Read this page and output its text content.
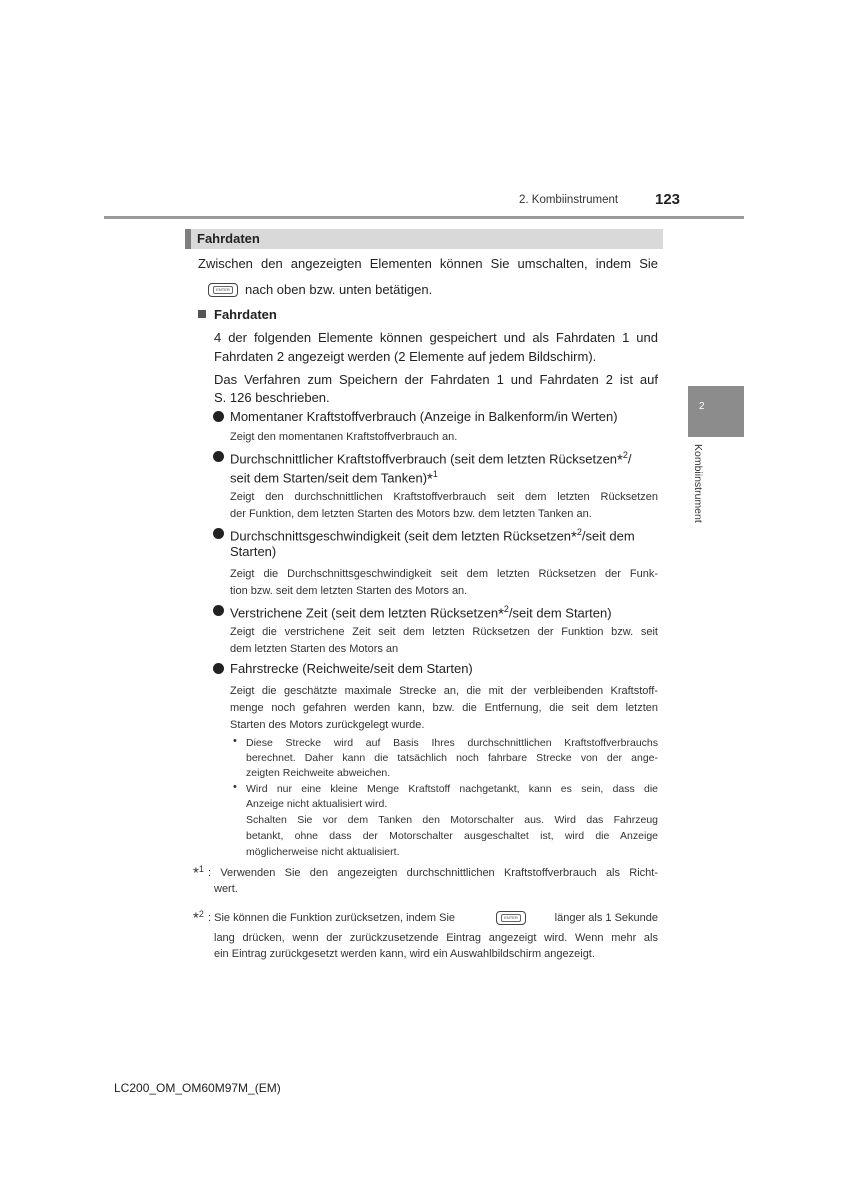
2. Kombiinstrument 123
2
Kombiinstrument
Fahrdaten
Zwischen den angezeigten Elementen können Sie umschalten, indem Sie
ENTER nach oben bzw. unten betätigen.
Fahrdaten
4 der folgenden Elemente können gespeichert und als Fahrdaten 1 und
Fahrdaten 2 angezeigt werden (2 Elemente auf jedem Bildschirm).
Das Verfahren zum Speichern der Fahrdaten 1 und Fahrdaten 2 ist auf
S. 126 beschrieben.
Momentaner Kraftstoffverbrauch (Anzeige in Balkenform/in Werten)
Zeigt den momentanen Kraftstoffverbrauch an.
Durchschnittlicher Kraftstoffverbrauch (seit dem letzten Rücksetzen*$^2$/
seit dem Starten/seit dem Tanken)*$^1$
Zeigt den durchschnittlichen Kraftstoffverbrauch seit dem letzten Rücksetzen
der Funktion, dem letzten Starten des Motors bzw. dem letzten Tanken an.
Durchschnittsgeschwindigkeit (seit dem letzten Rücksetzen*$^2$/seit dem
Starten)
Zeigt die Durchschnittsgeschwindigkeit seit dem letzten Rücksetzen der Funk-
tion bzw. seit dem letzten Starten des Motors an.
Verstrichene Zeit (seit dem letzten Rücksetzen*$^2$/seit dem Starten)
Zeigt die verstrichene Zeit seit dem letzten Rücksetzen der Funktion bzw. seit
dem letzten Starten des Motors an
Fahrstrecke (Reichweite/seit dem Starten)
Zeigt die geschätzte maximale Strecke an, die mit der verbleibenden Kraftstoff-
menge noch gefahren werden kann, bzw. die Entfernung, die seit dem letzten
Starten des Motors zurückgelegt wurde.
• Diese Strecke wird auf Basis Ihres durchschnittlichen Kraftstoffverbrauchs
berechnet. Daher kann die tatsächlich noch fahrbare Strecke von der ange-
zeigten Reichweite abweichen.
• Wird nur eine kleine Menge Kraftstoff nachgetankt, kann es sein, dass die
Anzeige nicht aktualisiert wird.
Schalten Sie vor dem Tanken den Motorschalter aus. Wird das Fahrzeug
betankt, ohne dass der Motorschalter ausgeschaltet ist, wird die Anzeige
möglicherweise nicht aktualisiert.
*$^1$ : Verwenden Sie den angezeigten durchschnittlichen Kraftstoffverbrauch als Richt-
wert.
*$^2$ : Sie können die Funktion zurücksetzen, indem Sie	ENTER	länger als 1 Sekunde
lang drücken, wenn der zurückzusetzende Eintrag angezeigt wird. Wenn mehr als
ein Eintrag zurückgesetzt werden kann, wird ein Auswahlbildschirm angezeigt.
LC200_OM_OM60M97M_(EM)
